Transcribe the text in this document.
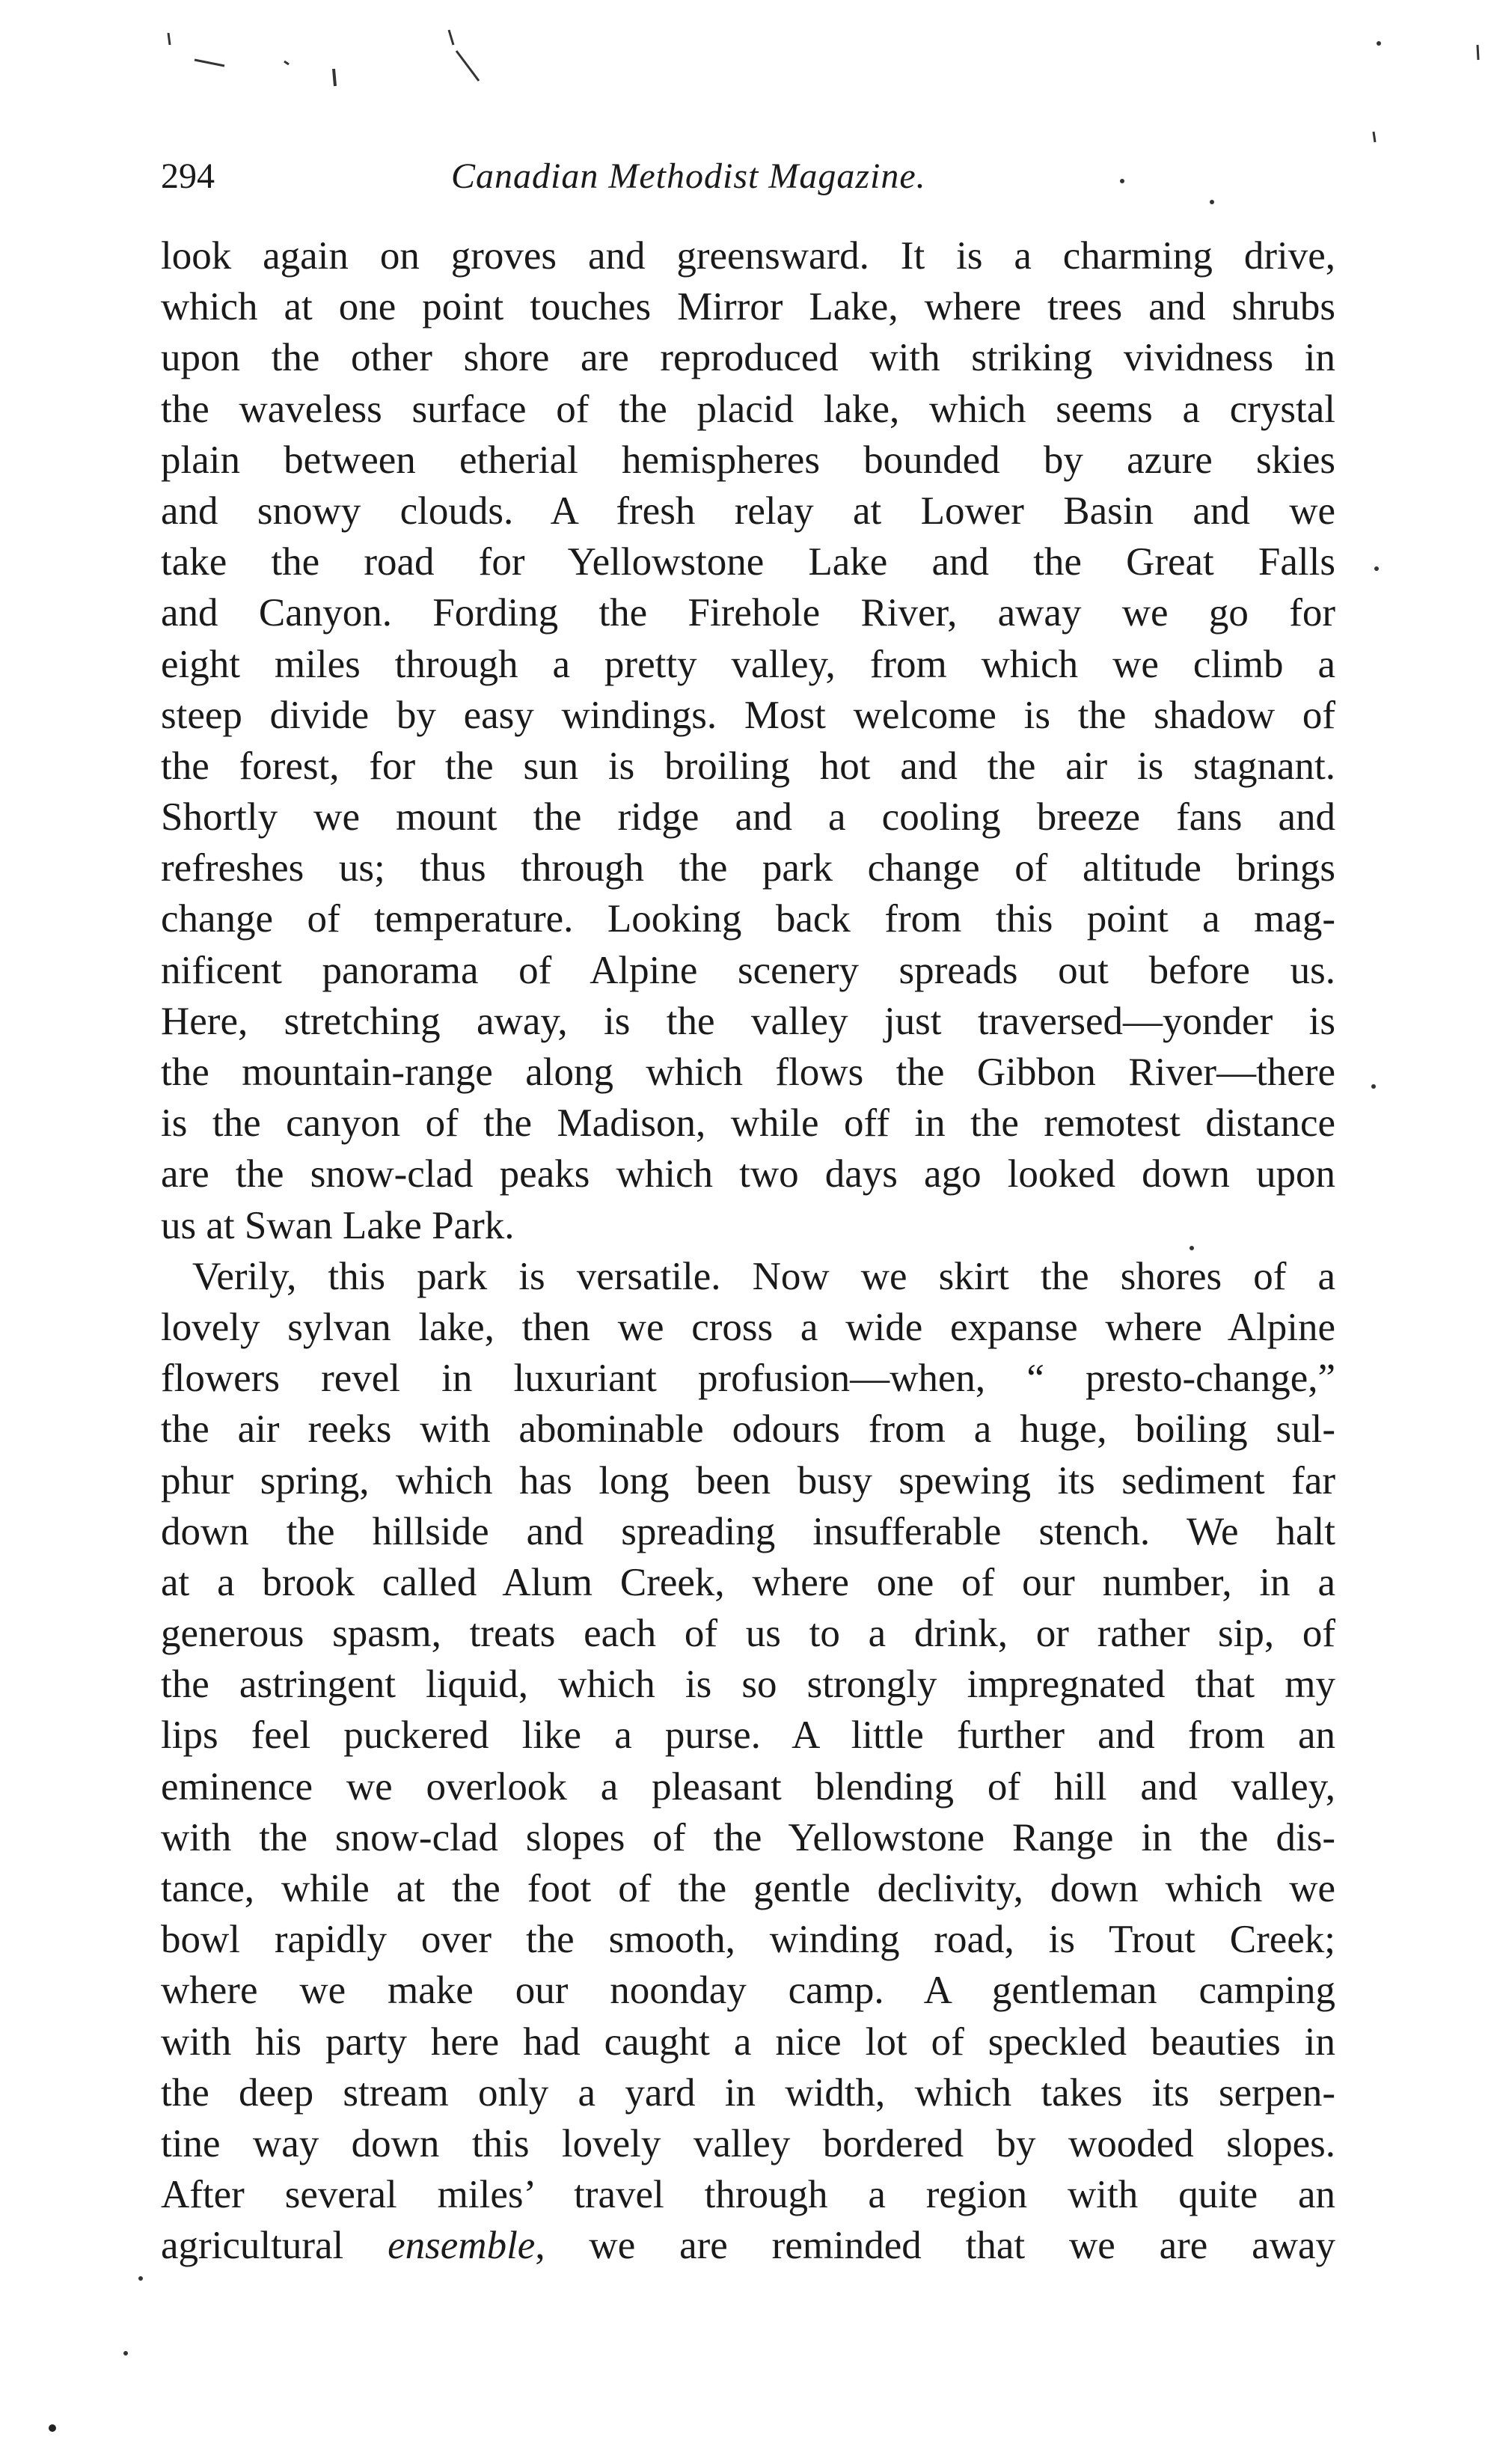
294	Canadian Methodist Magazine.
look again on groves and greensward. It is a charming drive,
which at one point touches Mirror Lake, where trees and shrubs
upon the other shore are reproduced with striking vividness in
the waveless surface of the placid lake, which seems a crystal
plain between etherial hemispheres bounded by azure skies
and snowy clouds. A fresh relay at Lower Basin and we
take the road for Yellowstone Lake and the Great Falls
and Canyon. Fording the Firehole River, away we go for
eight miles through a pretty valley, from which we climb a
steep divide by easy windings. Most welcome is the shadow of
the forest, for the sun is broiling hot and the air is stagnant.
Shortly we mount the ridge and a cooling breeze fans and
refreshes us; thus through the park change of altitude brings
change of temperature. Looking back from this point a mag-
nificent panorama of Alpine scenery spreads out before us.
Here, stretching away, is the valley just traversed—yonder is
the mountain-range along which flows the Gibbon River—there
is the canyon of the Madison, while off in the remotest distance
are the snow-clad peaks which two days ago looked down upon
us at Swan Lake Park.
Verily, this park is versatile. Now we skirt the shores of a
lovely sylvan lake, then we cross a wide expanse where Alpine
flowers revel in luxuriant profusion—when, “ presto-change,”
the air reeks with abominable odours from a huge, boiling sul-
phur spring, which has long been busy spewing its sediment far
down the hillside and spreading insufferable stench. We halt
at a brook called Alum Creek, where one of our number, in a
generous spasm, treats each of us to a drink, or rather sip, of
the astringent liquid, which is so strongly impregnated that my
lips feel puckered like a purse. A little further and from an
eminence we overlook a pleasant blending of hill and valley,
with the snow-clad slopes of the Yellowstone Range in the dis-
tance, while at the foot of the gentle declivity, down which we
bowl rapidly over the smooth, winding road, is Trout Creek;
where we make our noonday camp. A gentleman camping
with his party here had caught a nice lot of speckled beauties in
the deep stream only a yard in width, which takes its serpen-
tine way down this lovely valley bordered by wooded slopes.
After several miles’ travel through a region with quite an
agricultural ensemble, we are reminded that we are away
